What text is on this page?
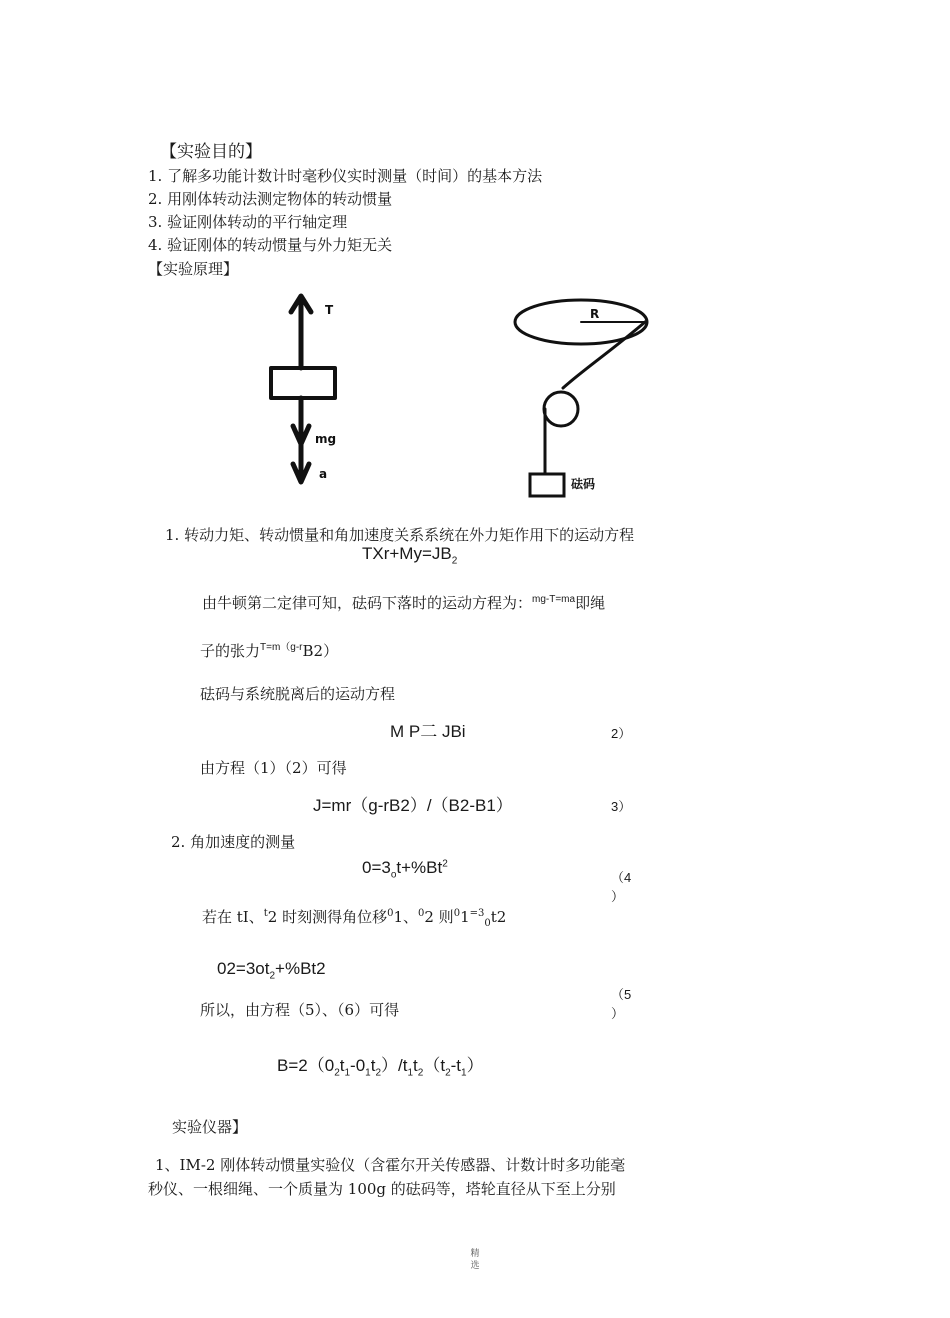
【实验目的】
1. 了解多功能计数计时毫秒仪实时测量（时间）的基本方法
2. 用刚体转动法测定物体的转动惯量
3. 验证刚体转动的平行轴定理
4. 验证刚体的转动惯量与外力矩无关
【实验原理】
T
mg
a
R
砝码
1. 转动力矩、转动惯量和角加速度关系系统在外力矩作用下的运动方程
$TXr+My=JB_2$
由牛顿第二定律可知，砝码下落时的运动方程为：$^{mg-T=ma}$即绳
子的张力$^{T=m(g-r}$B2）
砝码与系统脱离后的运动方程
M P二 JBi	2）
由方程（1）（2）可得
J=mr（g-rB2）/（B2-B1）	3）
2. 角加速度的测量
$0=3_ot+\%Bt^2$
（4
）
若在 tI、$^t$2 时刻测得角位移$^0$1、$^0$2 则$^01^{=3}_0t2$
$02=3ot_2+\%Bt2$
（5
）
所以，由方程（5）、（6）可得
$B=2(0_2t_1-0_1t_2)/t_1t_2(t_2-t_1)$
实验仪器】
1、IM-2 刚体转动惯量实验仪（含霍尔开关传感器、计数计时多功能毫
秒仪、一根细绳、一个质量为 100g 的砝码等，塔轮直径从下至上分别
精
选
